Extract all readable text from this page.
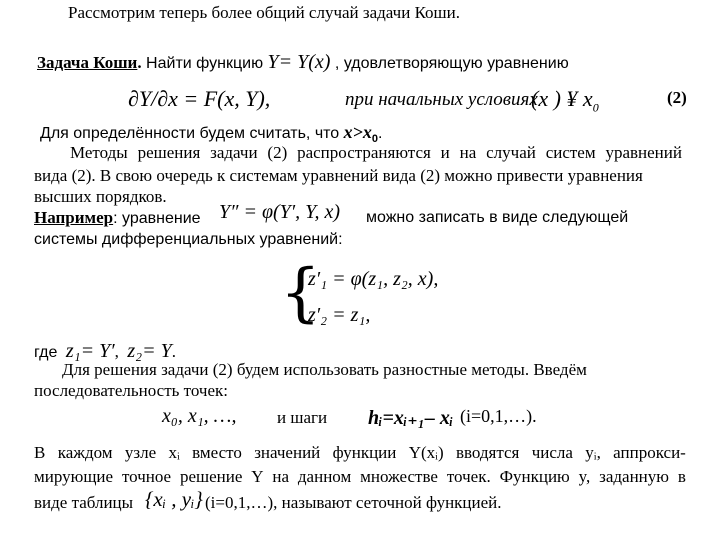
Рассмотрим теперь более общий случай задачи Коши.
Задача Коши. Найти функцию Y= Y(x) , удовлетворяющую уравнению
∂Y/∂x = F(x, Y),	при начальных условиях
(x ) ¥ $x_0$
(2)
Для определённости будем считать, что $x>x_0$.
Методы решения задачи (2) распространяются и на случай систем уравнений
вида (2). В свою очередь к системам уравнений вида (2) можно привести уравнения
высших порядков.
Например: уравнение Y″ = φ(Y′, Y, x) можно записать в виде следующей
системы дифференциальных уравнений:
{
z′₁ = φ(z₁, z₂, x),
z′₂ = z₁,
где z₁= Y′, z₂= Y.
Для решения задачи (2) будем использовать разностные методы. Введём
последовательность точек:
x₀, x₁, …, и шаги hᵢ=xᵢ₊₁– xᵢ (i=0,1,…).
В каждом узле xᵢ вместо значений функции Y(xᵢ) вводятся числа yᵢ, аппрокси-
мирующие точное решение Y на данном множестве точек. Функцию y, заданную в
виде таблицы {xᵢ , yᵢ} (i=0,1,…), называют сеточной функцией.
